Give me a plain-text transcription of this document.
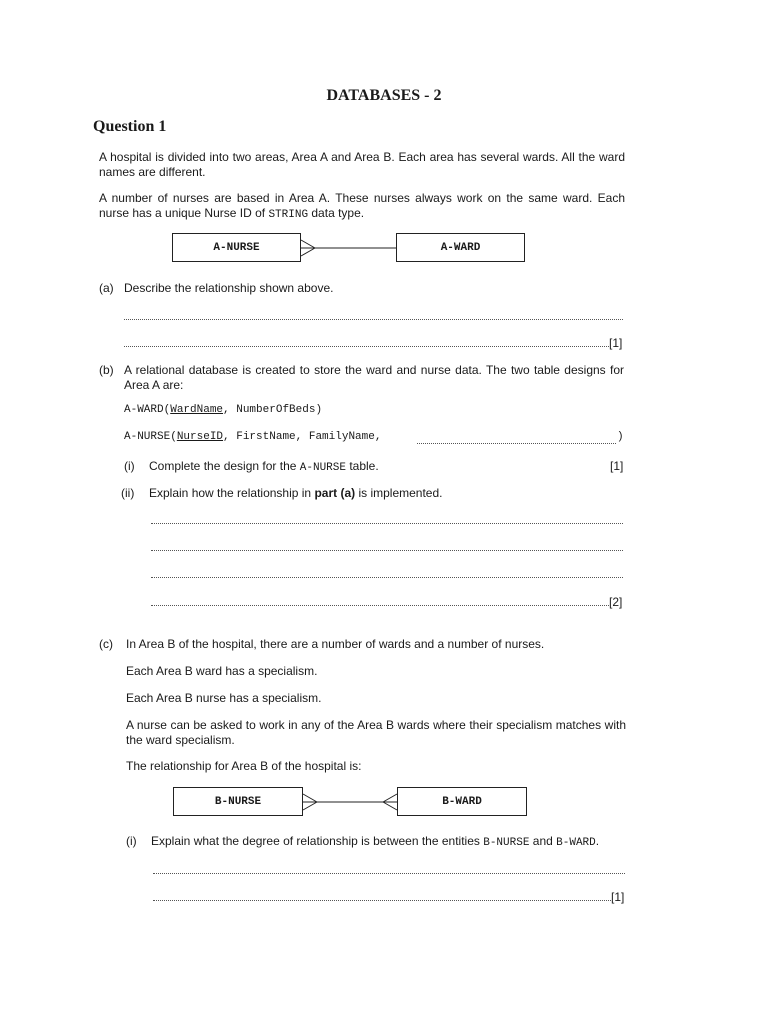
DATABASES - 2
Question 1
A hospital is divided into two areas, Area A and Area B. Each area has several wards. All the ward names are different.
A number of nurses are based in Area A. These nurses always work on the same ward. Each nurse has a unique Nurse ID of STRING data type.
A-NURSE	A-WARD
(a) Describe the relationship shown above.
[1]
(b) A relational database is created to store the ward and nurse data. The two table designs for Area A are:
A-WARD(WardName, NumberOfBeds)
A-NURSE(NurseID, FirstName, FamilyName,	)
(i) Complete the design for the A-NURSE table.	[1]
(ii) Explain how the relationship in part (a) is implemented.
[2]
(c) In Area B of the hospital, there are a number of wards and a number of nurses.
Each Area B ward has a specialism.
Each Area B nurse has a specialism.
A nurse can be asked to work in any of the Area B wards where their specialism matches with the ward specialism.
The relationship for Area B of the hospital is:
B-NURSE	B-WARD
(i) Explain what the degree of relationship is between the entities B-NURSE and B-WARD.
[1]
